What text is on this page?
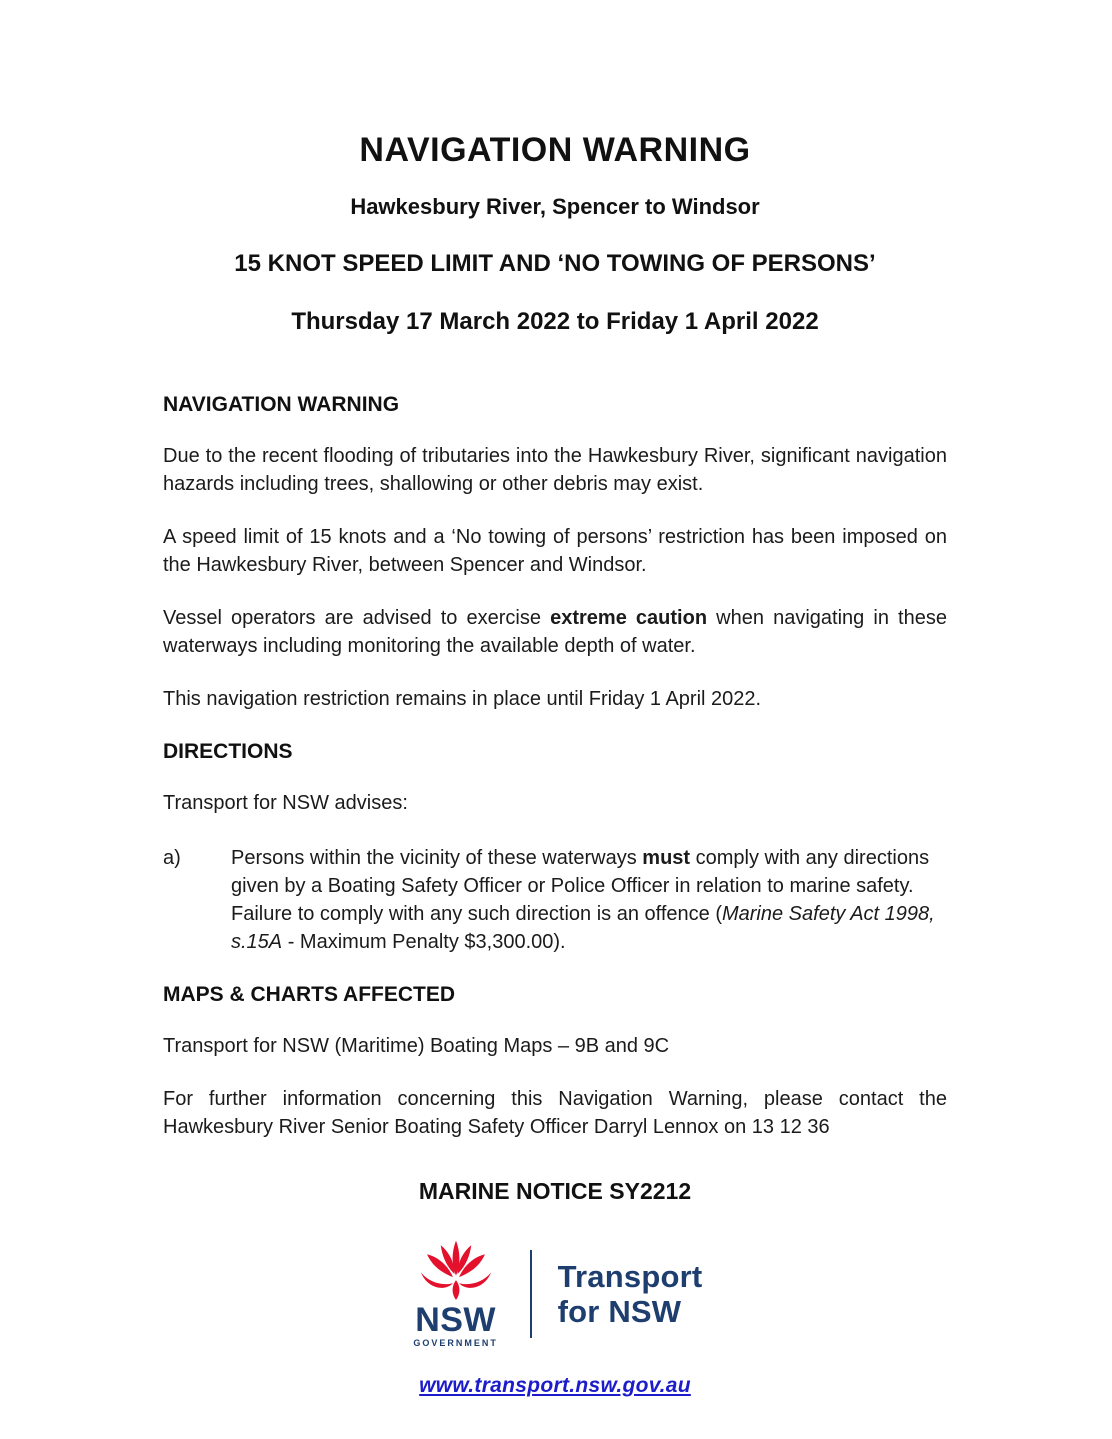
NAVIGATION WARNING
Hawkesbury River, Spencer to Windsor
15 KNOT SPEED LIMIT AND ‘NO TOWING OF PERSONS’
Thursday 17 March 2022 to Friday 1 April 2022
NAVIGATION WARNING

Due to the recent flooding of tributaries into the Hawkesbury River, significant navigation hazards including trees, shallowing or other debris may exist.

A speed limit of 15 knots and a ‘No towing of persons’ restriction has been imposed on the Hawkesbury River, between Spencer and Windsor.

Vessel operators are advised to exercise extreme caution when navigating in these waterways including monitoring the available depth of water.

This navigation restriction remains in place until Friday 1 April 2022.

DIRECTIONS

Transport for NSW advises:

a)	Persons within the vicinity of these waterways must comply with any directions given by a Boating Safety Officer or Police Officer in relation to marine safety. Failure to comply with any such direction is an offence (Marine Safety Act 1998, s.15A - Maximum Penalty $3,300.00).
MAPS & CHARTS AFFECTED

Transport for NSW (Maritime) Boating Maps – 9B and 9C

For further information concerning this Navigation Warning, please contact the Hawkesbury River Senior Boating Safety Officer Darryl Lennox on 13 12 36

MARINE NOTICE SY2212
NSW
GOVERNMENT
Transport
for NSW
www.transport.nsw.gov.au
